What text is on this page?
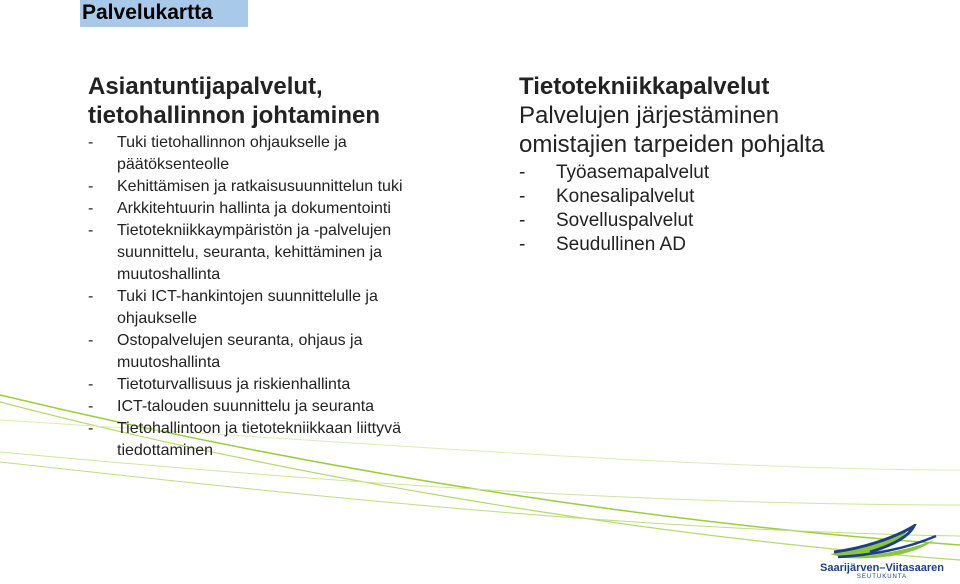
Palvelukartta
Asiantuntijapalvelut,
tietohallinnon johtaminen
- Tuki tietohallinnon ohjaukselle ja
päätöksenteolle
- Kehittämisen ja ratkaisusuunnittelun tuki
- Arkkitehtuurin hallinta ja dokumentointi
- Tietotekniikkaympäristön ja -palvelujen
suunnittelu, seuranta, kehittäminen ja
muutoshallinta
- Tuki ICT-hankintojen suunnittelulle ja
ohjaukselle
- Ostopalvelujen seuranta, ohjaus ja
muutoshallinta
- Tietoturvallisuus ja riskienhallinta
- ICT-talouden suunnittelu ja seuranta
- Tietohallintoon ja tietotekniikkaan liittyvä
tiedottaminen
Tietotekniikkapalvelut
Palvelujen järjestäminen
omistajien tarpeiden pohjalta
- Työasemapalvelut
- Konesalipalvelut
- Sovelluspalvelut
- Seudullinen AD
Saarijärven–Viitasaaren
SEUTUKUNTA
